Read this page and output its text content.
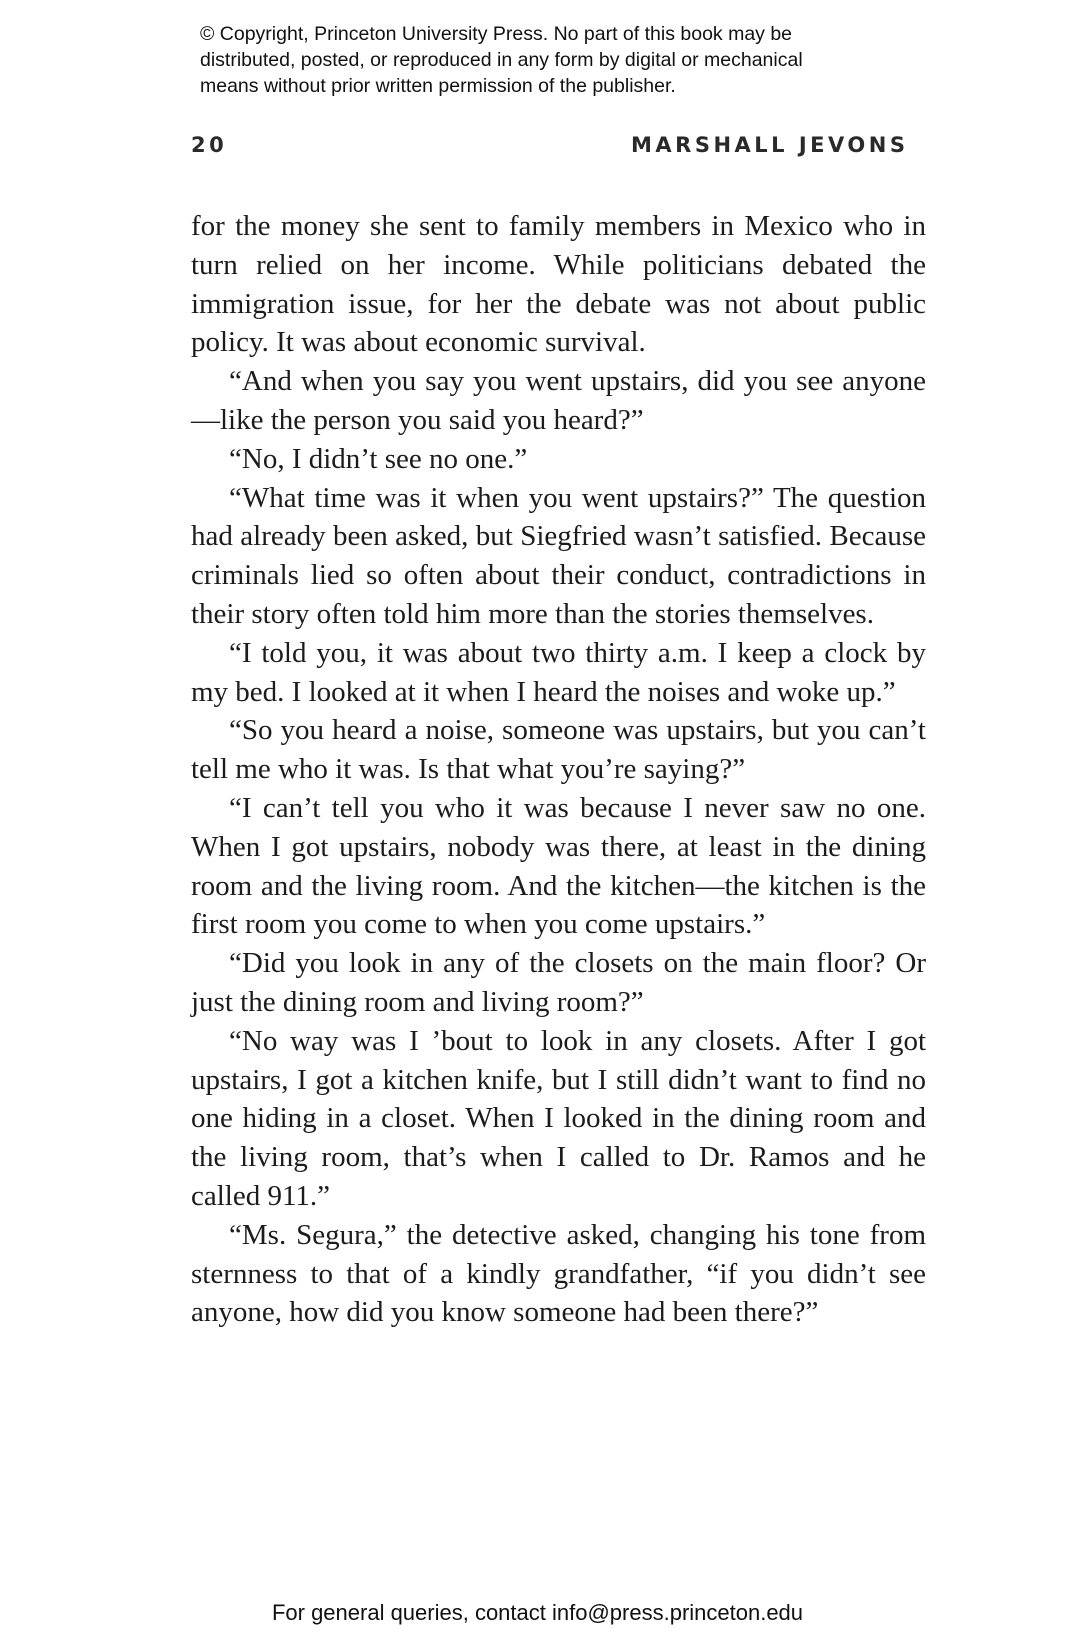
© Copyright, Princeton University Press. No part of this book may be
distributed, posted, or reproduced in any form by digital or mechanical
means without prior written permission of the publisher.
20	MARSHALL JEVONS

for the money she sent to family members in Mexico who in turn relied on her income. While politicians debated the immigration issue, for her the debate was not about public policy. It was about economic survival.

“And when you say you went upstairs, did you see anyone—like the person you said you heard?”

“No, I didn’t see no one.”

“What time was it when you went upstairs?” The question had already been asked, but Siegfried wasn’t satisfied. Because criminals lied so often about their conduct, contradictions in their story often told him more than the stories themselves.

“I told you, it was about two thirty a.m. I keep a clock by my bed. I looked at it when I heard the noises and woke up.”

“So you heard a noise, someone was upstairs, but you can’t tell me who it was. Is that what you’re saying?”

“I can’t tell you who it was because I never saw no one. When I got upstairs, nobody was there, at least in the dining room and the living room. And the kitchen—the kitchen is the first room you come to when you come upstairs.”

“Did you look in any of the closets on the main floor? Or just the dining room and living room?”

“No way was I ’bout to look in any closets. After I got upstairs, I got a kitchen knife, but I still didn’t want to find no one hiding in a closet. When I looked in the dining room and the living room, that’s when I called to Dr. Ramos and he called 911.”

“Ms. Segura,” the detective asked, changing his tone from sternness to that of a kindly grandfather, “if you didn’t see anyone, how did you know someone had been there?”

For general queries, contact info@press.princeton.edu
